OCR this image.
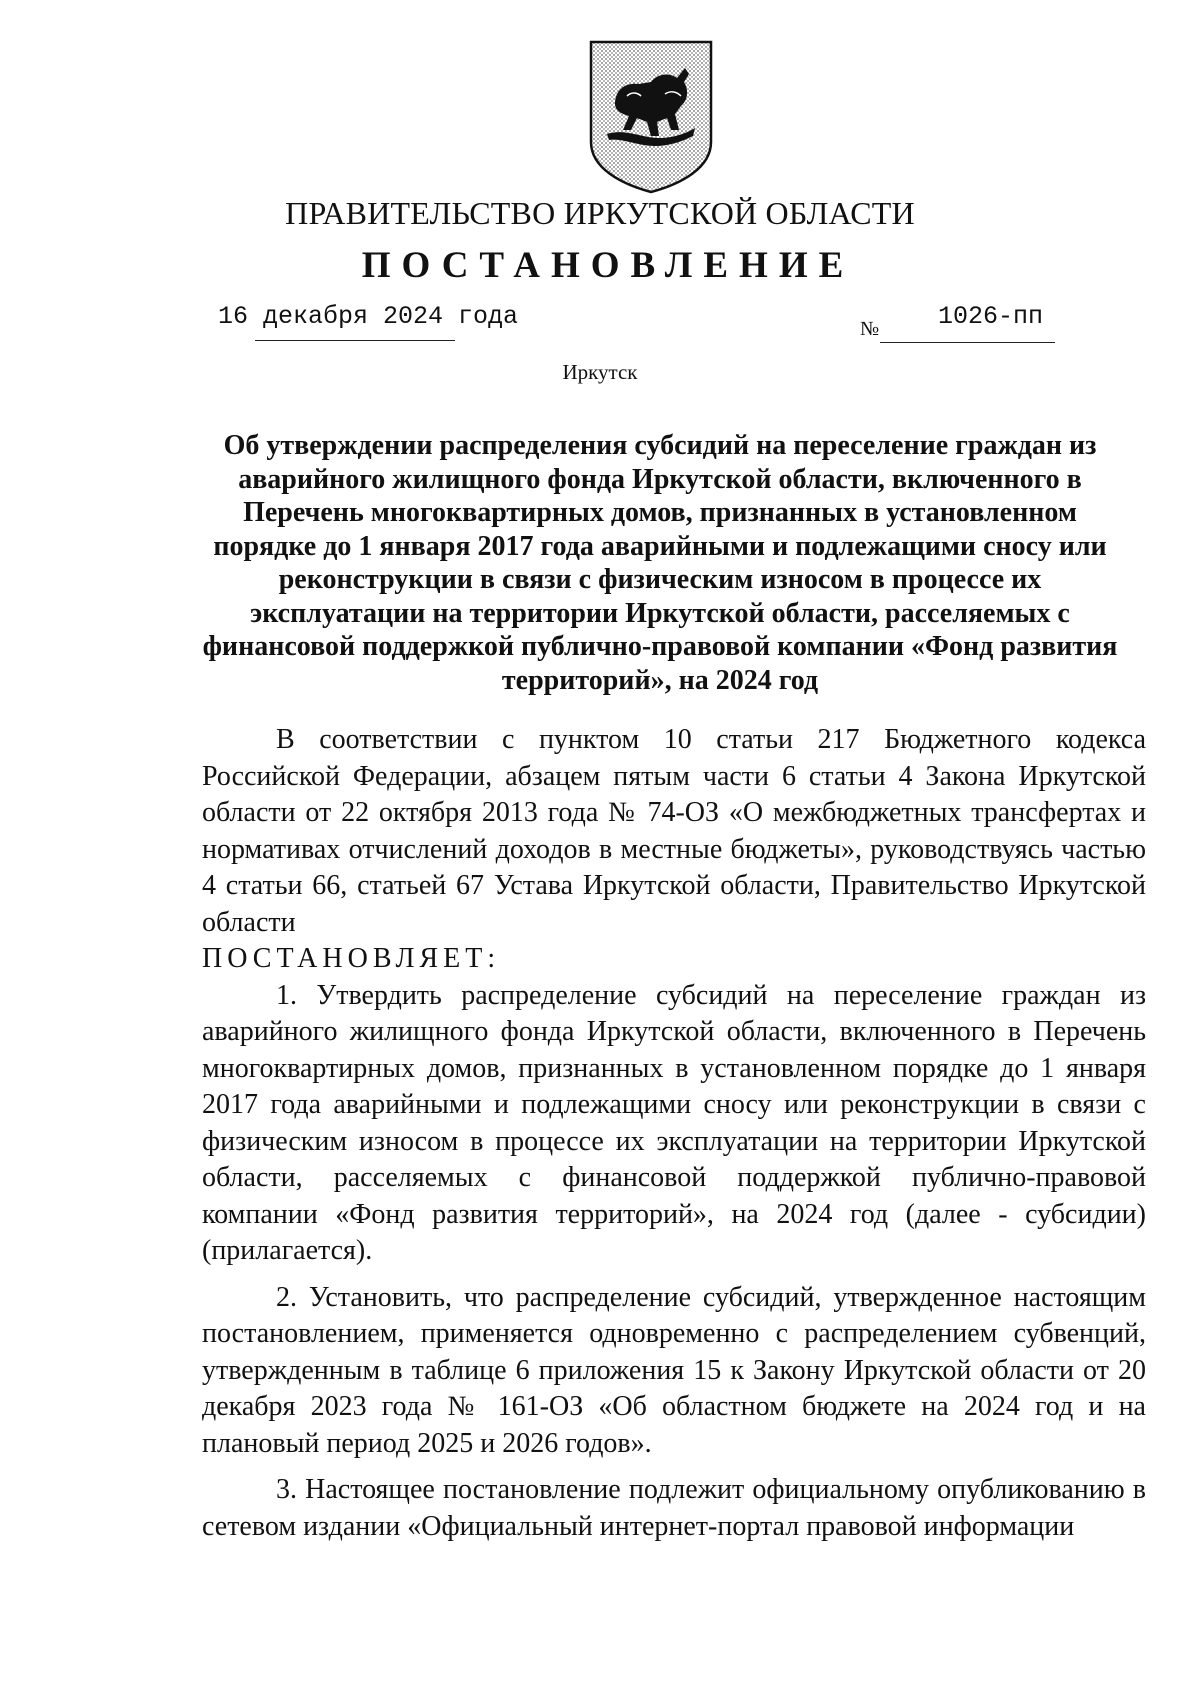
ПРАВИТЕЛЬСТВО ИРКУТСКОЙ ОБЛАСТИ
ПОСТАНОВЛЕНИЕ
16 декабря 2024 года	№ 1026-пп
Иркутск
Об утверждении распределения субсидий на переселение граждан из аварийного жилищного фонда Иркутской области, включенного в Перечень многоквартирных домов, признанных в установленном порядке до 1 января 2017 года аварийными и подлежащими сносу или реконструкции в связи с физическим износом в процессе их эксплуатации на территории Иркутской области, расселяемых с финансовой поддержкой публично-правовой компании «Фонд развития территорий», на 2024 год

В соответствии с пунктом 10 статьи 217 Бюджетного кодекса Российской Федерации, абзацем пятым части 6 статьи 4 Закона Иркутской области от 22 октября 2013 года № 74-ОЗ «О межбюджетных трансфертах и нормативах отчислений доходов в местные бюджеты», руководствуясь частью 4 статьи 66, статьей 67 Устава Иркутской области, Правительство Иркутской области

ПОСТАНОВЛЯЕТ:

1. Утвердить распределение субсидий на переселение граждан из аварийного жилищного фонда Иркутской области, включенного в Перечень многоквартирных домов, признанных в установленном порядке до 1 января 2017 года аварийными и подлежащими сносу или реконструкции в связи с физическим износом в процессе их эксплуатации на территории Иркутской области, расселяемых с финансовой поддержкой публично-правовой компании «Фонд развития территорий», на 2024 год (далее - субсидии) (прилагается).

2. Установить, что распределение субсидий, утвержденное настоящим постановлением, применяется одновременно с распределением субвенций, утвержденным в таблице 6 приложения 15 к Закону Иркутской области от 20 декабря 2023 года № 161-ОЗ «Об областном бюджете на 2024 год и на плановый период 2025 и 2026 годов».

3. Настоящее постановление подлежит официальному опубликованию в сетевом издании «Официальный интернет-портал правовой информации
